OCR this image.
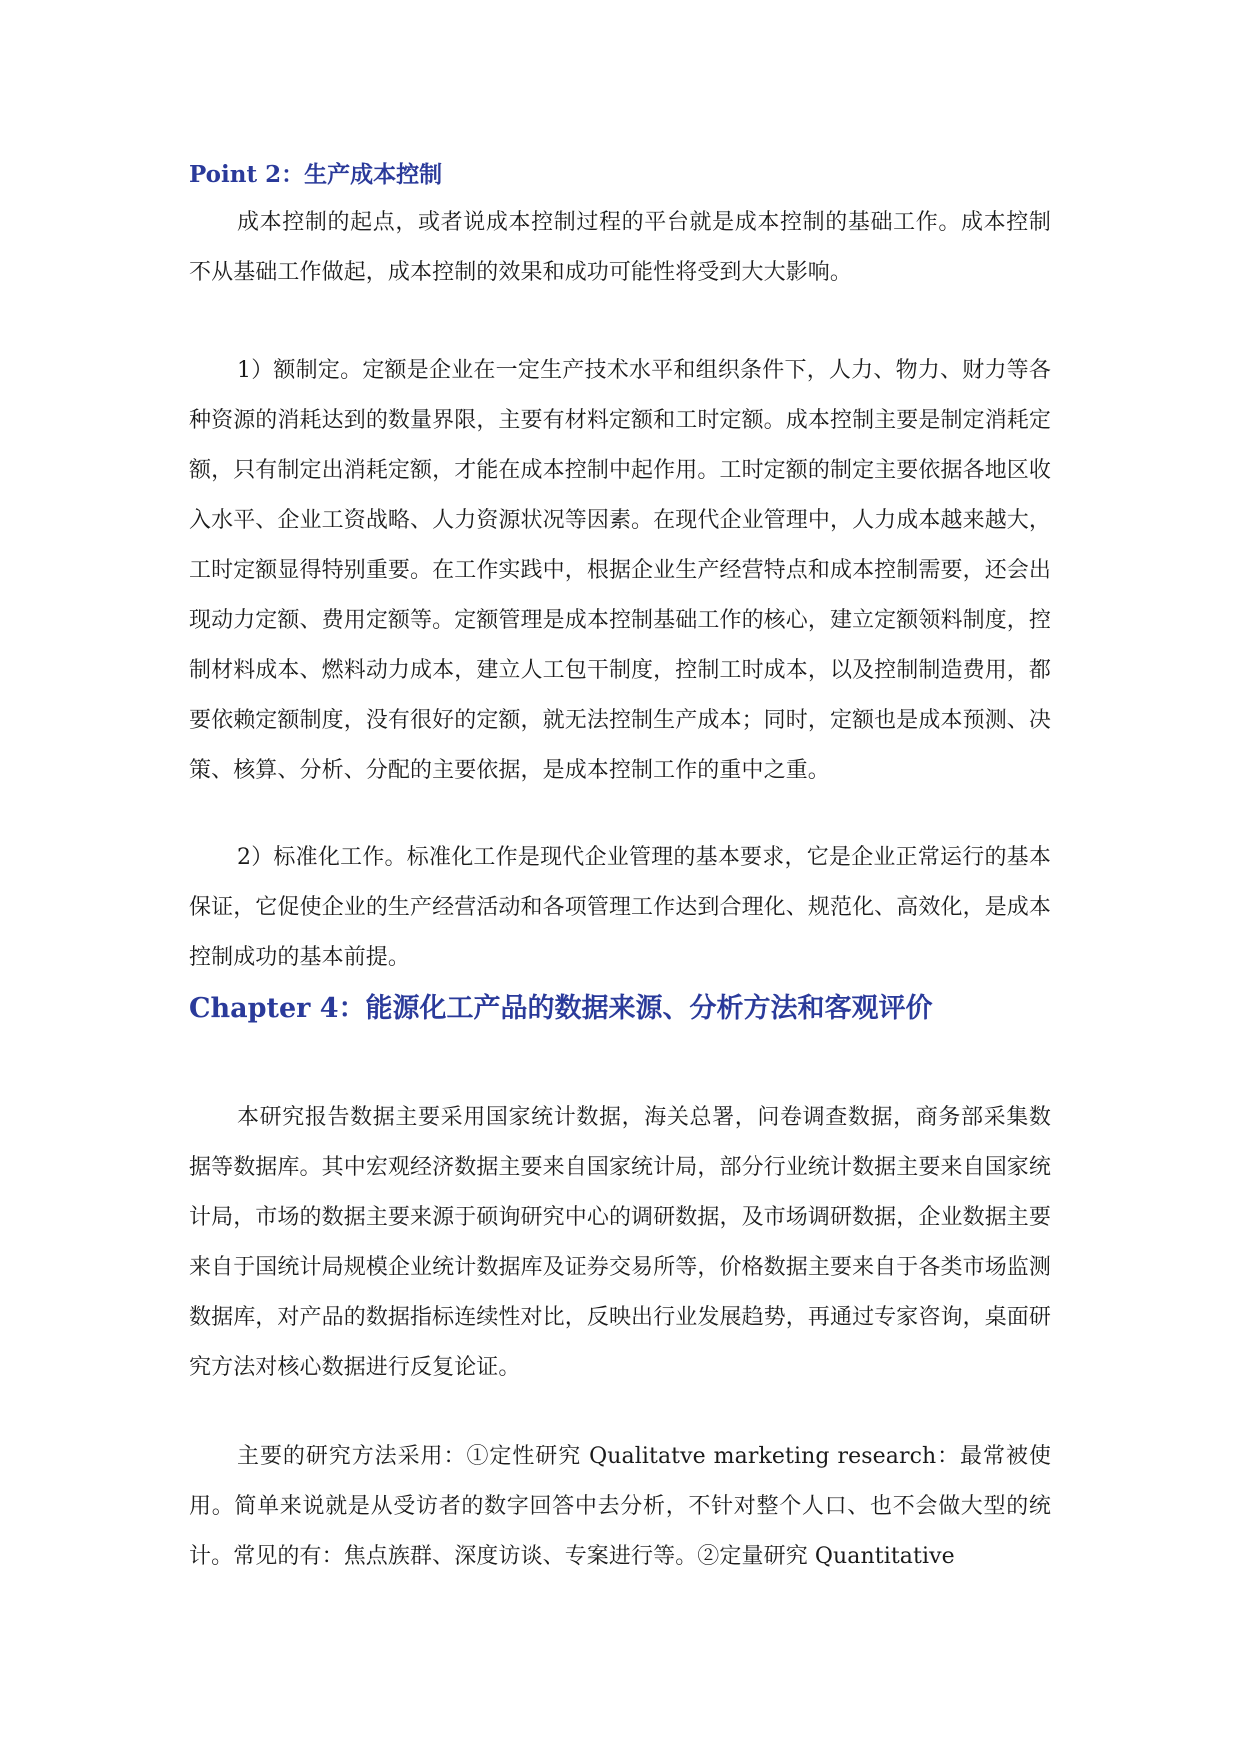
Point 2：生产成本控制

成本控制的起点，或者说成本控制过程的平台就是成本控制的基础工作。成本控制不从基础工作做起，成本控制的效果和成功可能性将受到大大影响。

1）额制定。定额是企业在一定生产技术水平和组织条件下，人力、物力、财力等各种资源的消耗达到的数量界限，主要有材料定额和工时定额。成本控制主要是制定消耗定额，只有制定出消耗定额，才能在成本控制中起作用。工时定额的制定主要依据各地区收入水平、企业工资战略、人力资源状况等因素。在现代企业管理中，人力成本越来越大，工时定额显得特别重要。在工作实践中，根据企业生产经营特点和成本控制需要，还会出现动力定额、费用定额等。定额管理是成本控制基础工作的核心，建立定额领料制度，控制材料成本、燃料动力成本，建立人工包干制度，控制工时成本，以及控制制造费用，都要依赖定额制度，没有很好的定额，就无法控制生产成本；同时，定额也是成本预测、决策、核算、分析、分配的主要依据，是成本控制工作的重中之重。

2）标准化工作。标准化工作是现代企业管理的基本要求，它是企业正常运行的基本保证，它促使企业的生产经营活动和各项管理工作达到合理化、规范化、高效化，是成本控制成功的基本前提。

Chapter 4：能源化工产品的数据来源、分析方法和客观评价

本研究报告数据主要采用国家统计数据，海关总署，问卷调查数据，商务部采集数据等数据库。其中宏观经济数据主要来自国家统计局，部分行业统计数据主要来自国家统计局，市场的数据主要来源于硕询研究中心的调研数据，及市场调研数据，企业数据主要来自于国统计局规模企业统计数据库及证券交易所等，价格数据主要来自于各类市场监测数据库，对产品的数据指标连续性对比，反映出行业发展趋势，再通过专家咨询，桌面研究方法对核心数据进行反复论证。

主要的研究方法采用：①定性研究 Qualitatve marketing research：最常被使用。简单来说就是从受访者的数字回答中去分析，不针对整个人口、也不会做大型的统计。常见的有：焦点族群、深度访谈、专案进行等。②定量研究 Quantitative
